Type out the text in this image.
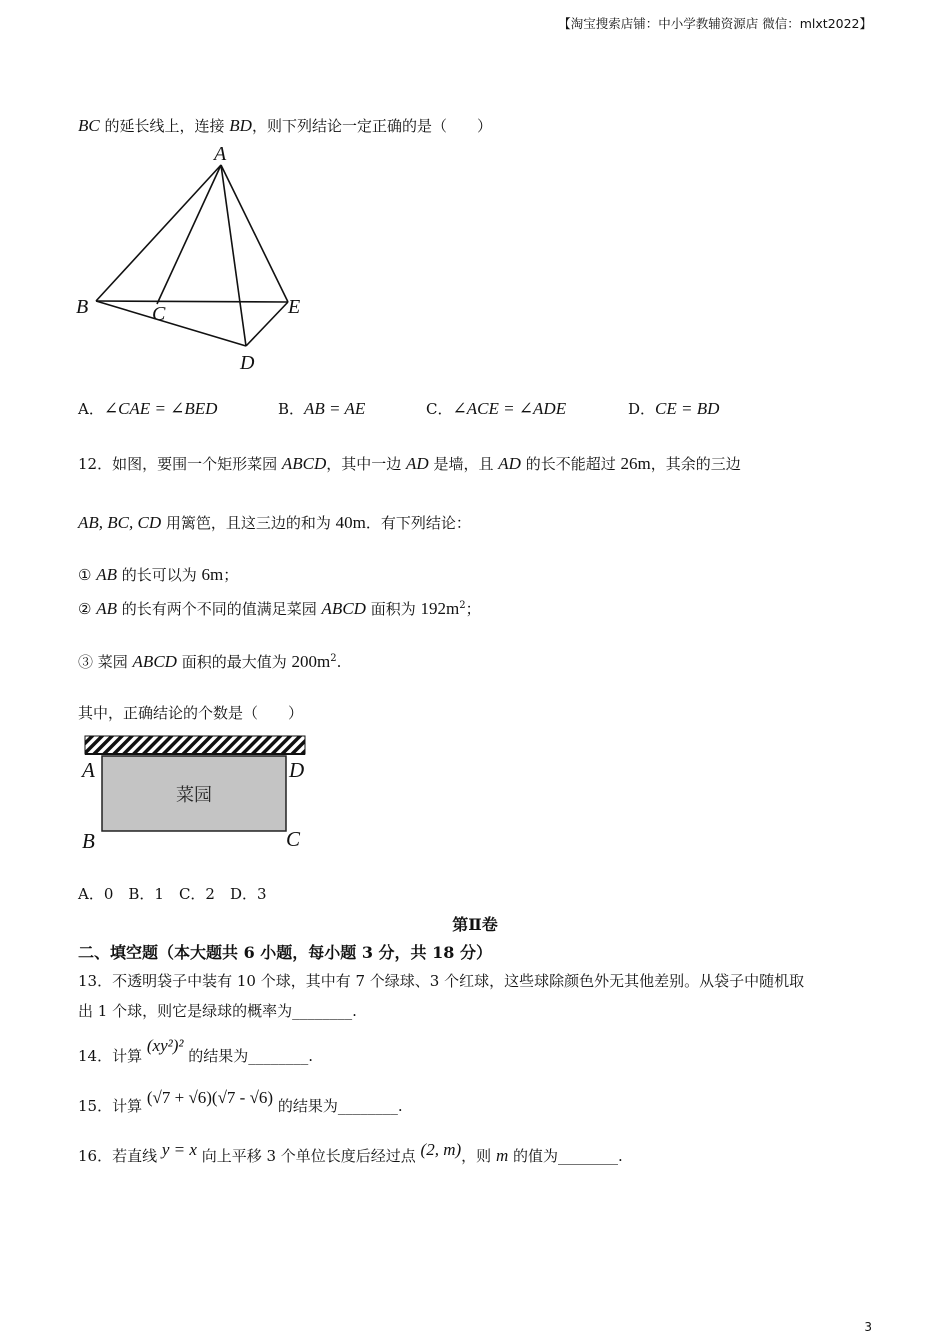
【淘宝搜索店铺：中小学教辅资源店 微信：mlxt2022】
BC 的延长线上，连接 BD，则下列结论一定正确的是（　　）
A
B	C
D
E
A．∠CAE = ∠BED	B．AB = AE	C．∠ACE = ∠ADE	D．CE = BD
12．如图，要围一个矩形菜园 ABCD，其中一边 AD 是墙，且 AD 的长不能超过 26m，其余的三边
AB, BC, CD 用篱笆，且这三边的和为 40m．有下列结论：
① AB 的长可以为 6m；
② AB 的长有两个不同的值满足菜园 ABCD 面积为 $192m^2$；
③ 菜园 ABCD 面积的最大值为 $200m^2$.
其中，正确结论的个数是（　　）
菜园
A	D
B	C
A．0　B．1　C．2　D．3
第Ⅱ卷
二、填空题（本大题共 6 小题，每小题 3 分，共 18 分）
13．不透明袋子中装有 10 个球，其中有 7 个绿球、3 个红球，这些球除颜色外无其他差别。从袋子中随机取
出 1 个球，则它是绿球的概率为________.
14．计算 (xy²)² 的结果为________.
15．计算 (√7 + √6)(√7 - √6) 的结果为________.
16．若直线 y = x 向上平移 3 个单位长度后经过点 (2, m)，则 m 的值为________.
3
